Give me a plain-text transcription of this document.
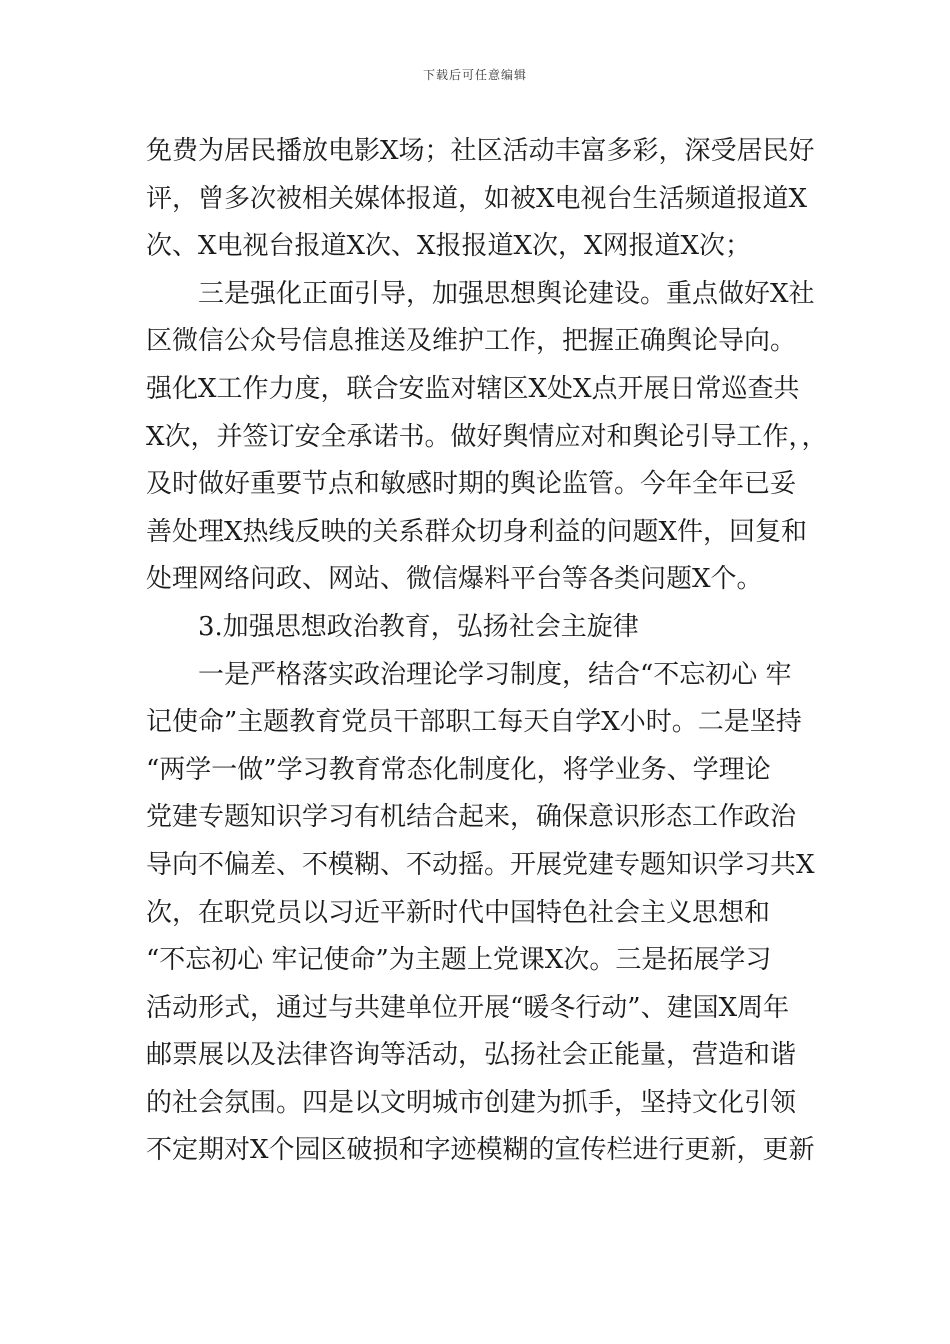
下载后可任意编辑
免费为居民播放电影X场；社区活动丰富多彩，深受居民好
评，曾多次被相关媒体报道，如被X电视台生活频道报道X
次、X电视台报道X次、X报报道X次，X网报道X次；
三是强化正面引导，加强思想舆论建设。重点做好X社
区微信公众号信息推送及维护工作，把握正确舆论导向。
强化X工作力度，联合安监对辖区X处X点开展日常巡查共
X次，并签订安全承诺书。做好舆情应对和舆论引导工作，，
及时做好重要节点和敏感时期的舆论监管。今年全年已妥
善处理X热线反映的关系群众切身利益的问题X件，回复和
处理网络问政、网站、微信爆料平台等各类问题X个。
3.加强思想政治教育，弘扬社会主旋律
一是严格落实政治理论学习制度，结合“不忘初心 牢
记使命”主题教育党员干部职工每天自学X小时。二是坚持
“两学一做”学习教育常态化制度化，将学业务、学理论
党建专题知识学习有机结合起来，确保意识形态工作政治
导向不偏差、不模糊、不动摇。开展党建专题知识学习共X
次，在职党员以习近平新时代中国特色社会主义思想和
“不忘初心 牢记使命”为主题上党课X次。三是拓展学习
活动形式，通过与共建单位开展“暖冬行动”、建国X周年
邮票展以及法律咨询等活动，弘扬社会正能量，营造和谐
的社会氛围。四是以文明城市创建为抓手，坚持文化引领
不定期对X个园区破损和字迹模糊的宣传栏进行更新，更新
